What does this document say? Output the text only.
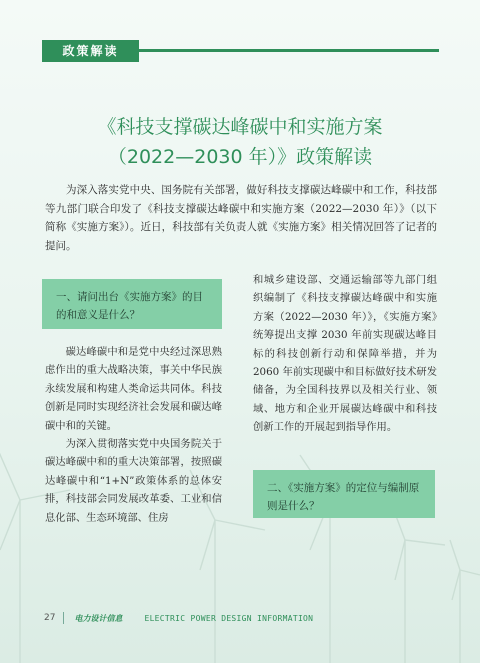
政策解读
《科技支撑碳达峰碳中和实施方案
（2022—2030 年）》政策解读
为深入落实党中央、国务院有关部署，做好科技支撑碳达峰碳中和工作，科技部等九部门联合印发了《科技支撑碳达峰碳中和实施方案（2022—2030 年）》（以下简称《实施方案》）。近日，科技部有关负责人就《实施方案》相关情况回答了记者的提问。
一、请问出台《实施方案》的目的和意义是什么？

碳达峰碳中和是党中央经过深思熟虑作出的重大战略决策，事关中华民族永续发展和构建人类命运共同体。科技创新是同时实现经济社会发展和碳达峰碳中和的关键。

为深入贯彻落实党中央国务院关于碳达峰碳中和的重大决策部署，按照碳达峰碳中和“1+N”政策体系的总体安排，科技部会同发展改革委、工业和信息化部、生态环境部、住房

和城乡建设部、交通运输部等九部门组织编制了《科技支撑碳达峰碳中和实施方案（2022—2030 年）》，《实施方案》统筹提出支撑 2030 年前实现碳达峰目标的科技创新行动和保障举措，并为 2060 年前实现碳中和目标做好技术研发储备，为全国科技界以及相关行业、领域、地方和企业开展碳达峰碳中和科技创新工作的开展起到指导作用。

二、《实施方案》的定位与编制原则是什么？
27 电力设计信息	ELECTRIC POWER DESIGN INFORMATION
